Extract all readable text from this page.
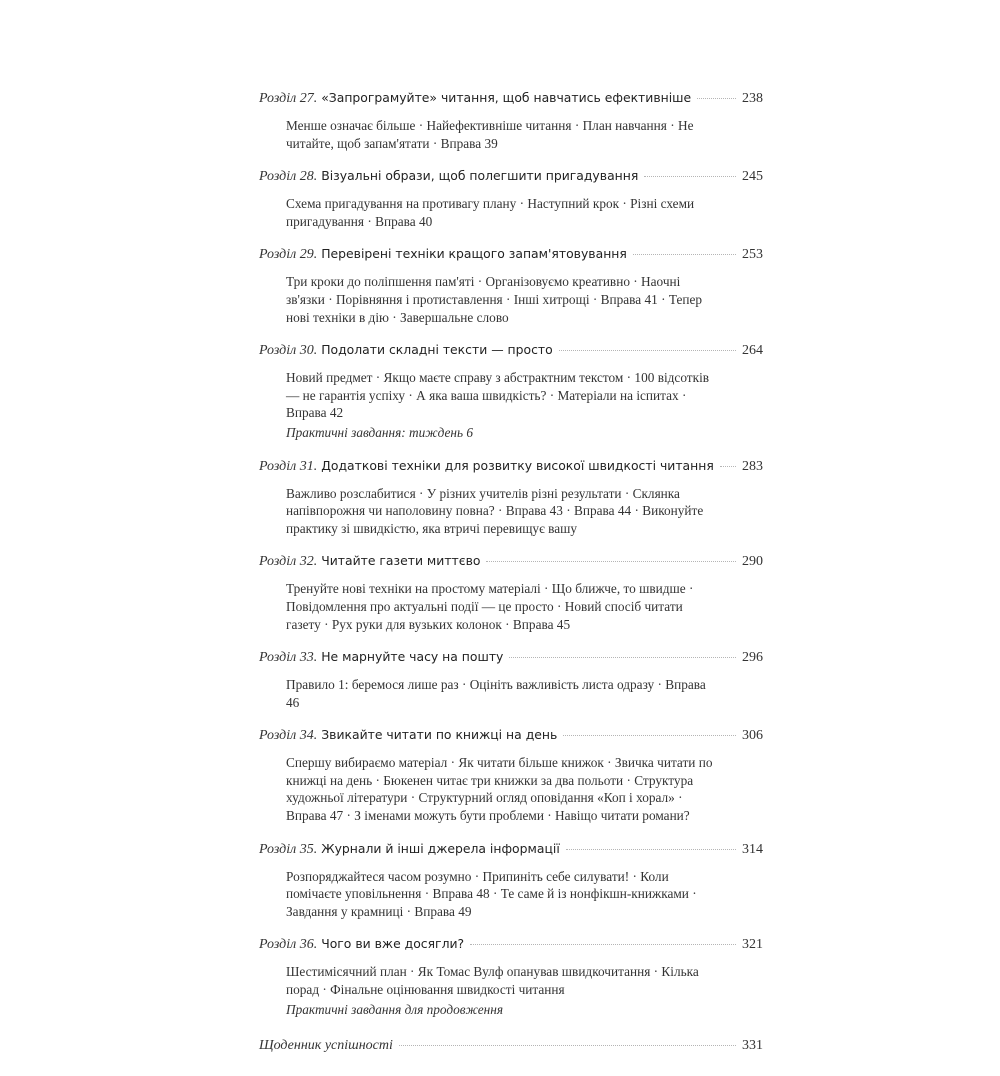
Розділ 27. «Запрограмуйте» читання, щоб навчатись ефективніше	238
Менше означає більше · Найефективніше читання · План навчання · Не читайте, щоб запам'ятати · Вправа 39
Розділ 28. Візуальні образи, щоб полегшити пригадування	245
Схема пригадування на противагу плану · Наступний крок · Різні схеми пригадування · Вправа 40
Розділ 29. Перевірені техніки кращого запам'ятовування	253
Три кроки до поліпшення пам'яті · Організовуємо креативно · Наочні зв'язки · Порівняння і протиставлення · Інші хитрощі · Вправа 41 · Тепер нові техніки в дію · Завершальне слово
Розділ 30. Подолати складні тексти — просто	264
Новий предмет · Якщо маєте справу з абстрактним текстом · 100 відсотків — не гарантія успіху · А яка ваша швидкість? · Матеріали на іспитах · Вправа 42
Практичні завдання: тиждень 6
Розділ 31. Додаткові техніки для розвитку високої швидкості читання 283
Важливо розслабитися · У різних учителів різні результати · Склянка напівпорожня чи наполовину повна? · Вправа 43 · Вправа 44 · Виконуйте практику зі швидкістю, яка втричі перевищує вашу
Розділ 32. Читайте газети миттєво	290
Тренуйте нові техніки на простому матеріалі · Що ближче, то швидше · Повідомлення про актуальні події — це просто · Новий спосіб читати газету · Рух руки для вузьких колонок · Вправа 45
Розділ 33. Не марнуйте часу на пошту	296
Правило 1: беремося лише раз · Оцініть важливість листа одразу · Вправа 46
Розділ 34. Звикайте читати по книжці на день	306
Спершу вибираємо матеріал · Як читати більше книжок · Звичка читати по книжці на день · Бюкенен читає три книжки за два польоти · Структура художньої літератури · Структурний огляд оповідання «Коп і хорал» · Вправа 47 · З іменами можуть бути проблеми · Навіщо читати романи?
Розділ 35. Журнали й інші джерела інформації	314
Розпоряджайтеся часом розумно · Припиніть себе силувати! · Коли помічаєте уповільнення · Вправа 48 · Те саме й із нонфікшн-книжками · Завдання у крамниці · Вправа 49
Розділ 36. Чого ви вже досягли?	321
Шестимісячний план · Як Томас Вулф опанував швидкочитання · Кілька порад · Фінальне оцінювання швидкості читання
Практичні завдання для продовження
Щоденник успішності	331
